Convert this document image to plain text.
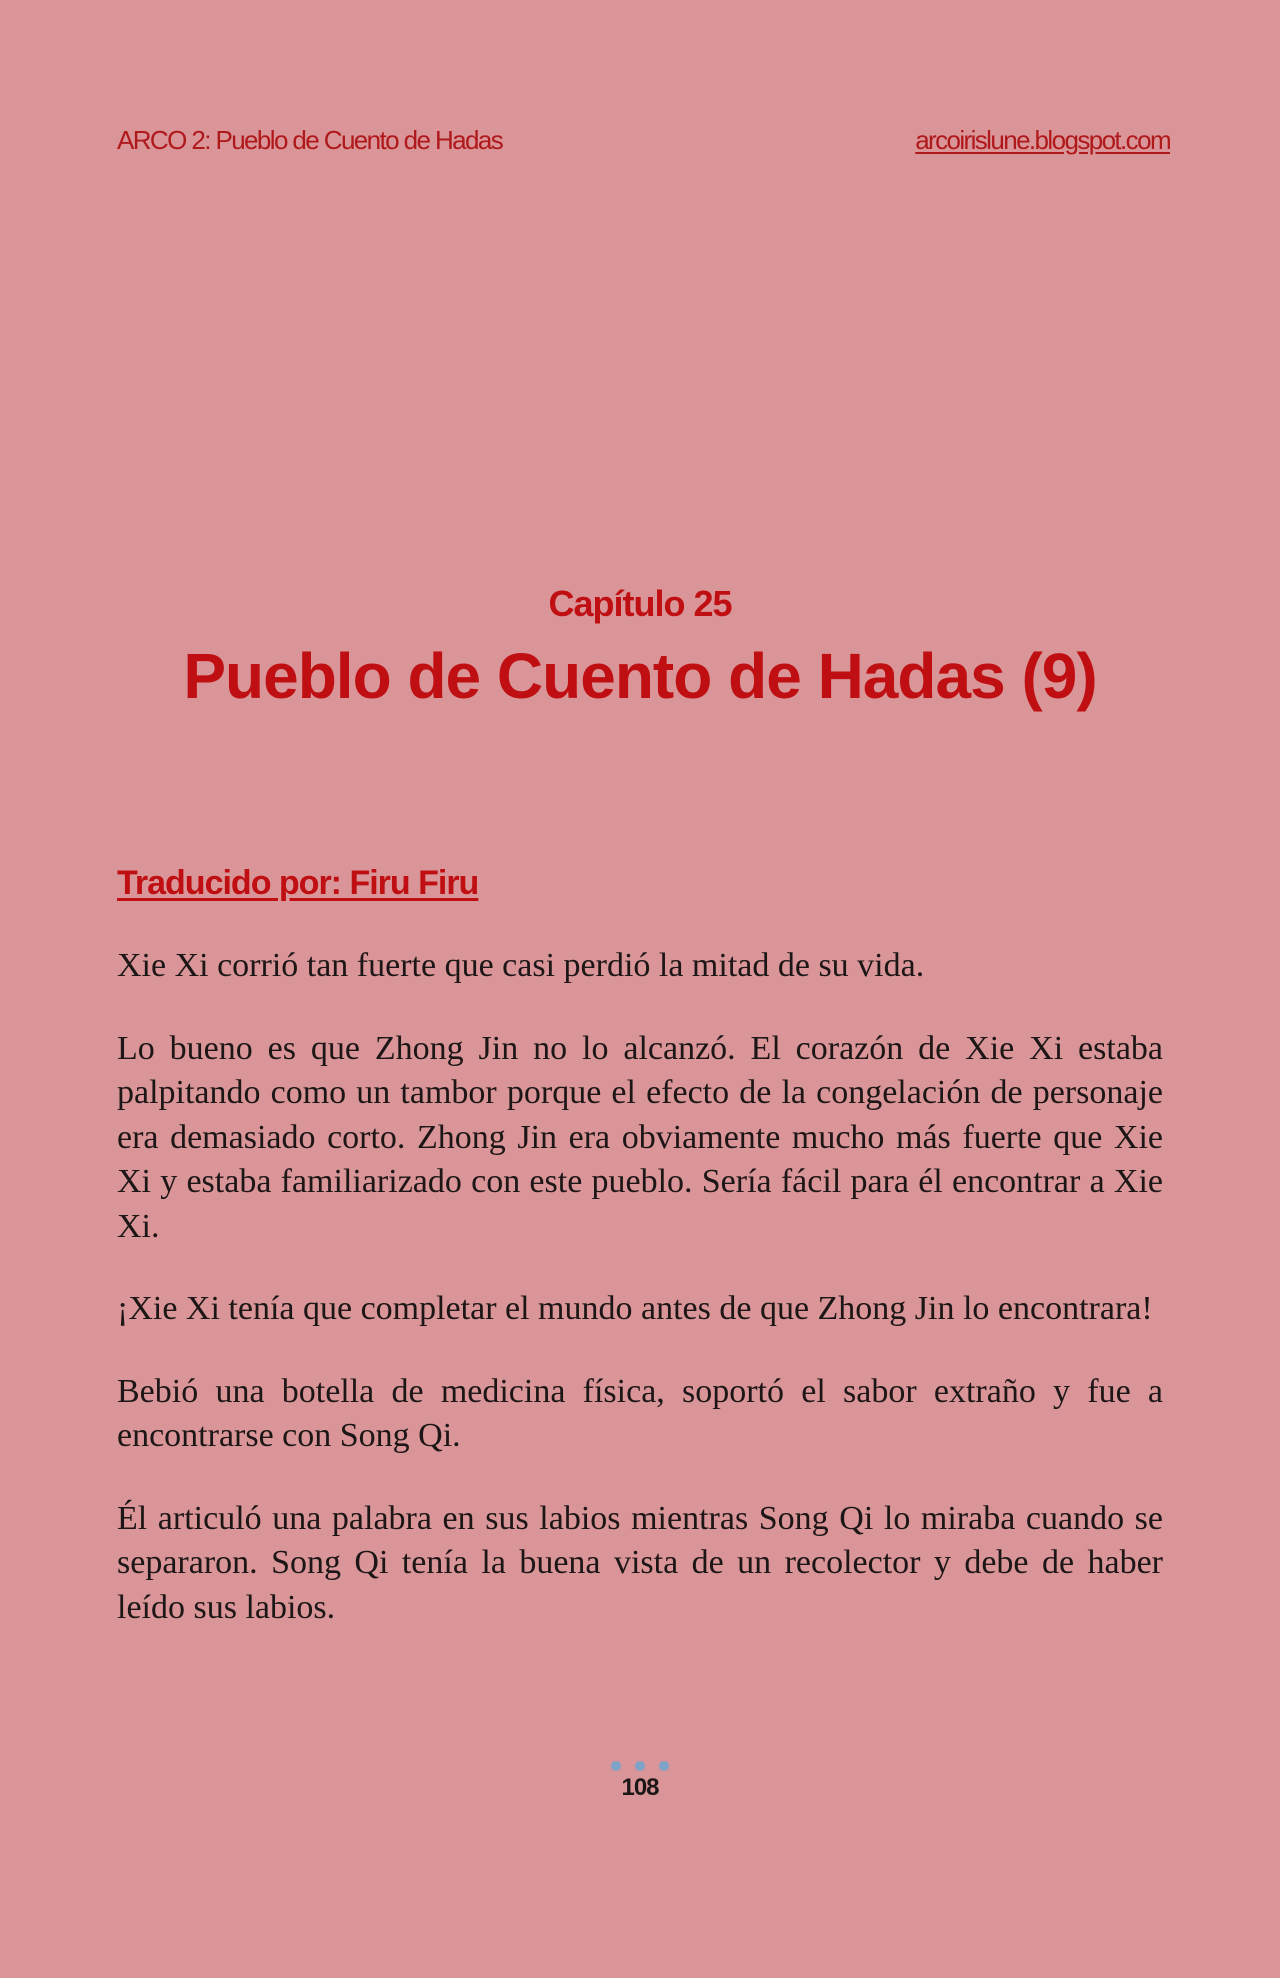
ARCO 2: Pueblo de Cuento de Hadas	arcoirislune.blogspot.com

Capítulo 25

Pueblo de Cuento de Hadas (9)

Traducido por: Firu Firu

Xie Xi corrió tan fuerte que casi perdió la mitad de su vida.

Lo bueno es que Zhong Jin no lo alcanzó. El corazón de Xie Xi estaba palpitando como un tambor porque el efecto de la congelación de personaje era demasiado corto. Zhong Jin era obviamente mucho más fuerte que Xie Xi y estaba familiarizado con este pueblo. Sería fácil para él encontrar a Xie Xi.

¡Xie Xi tenía que completar el mundo antes de que Zhong Jin lo encontrara!

Bebió una botella de medicina física, soportó el sabor extraño y fue a encontrarse con Song Qi.

Él articuló una palabra en sus labios mientras Song Qi lo miraba cuando se separaron. Song Qi tenía la buena vista de un recolector y debe de haber leído sus labios.

108
